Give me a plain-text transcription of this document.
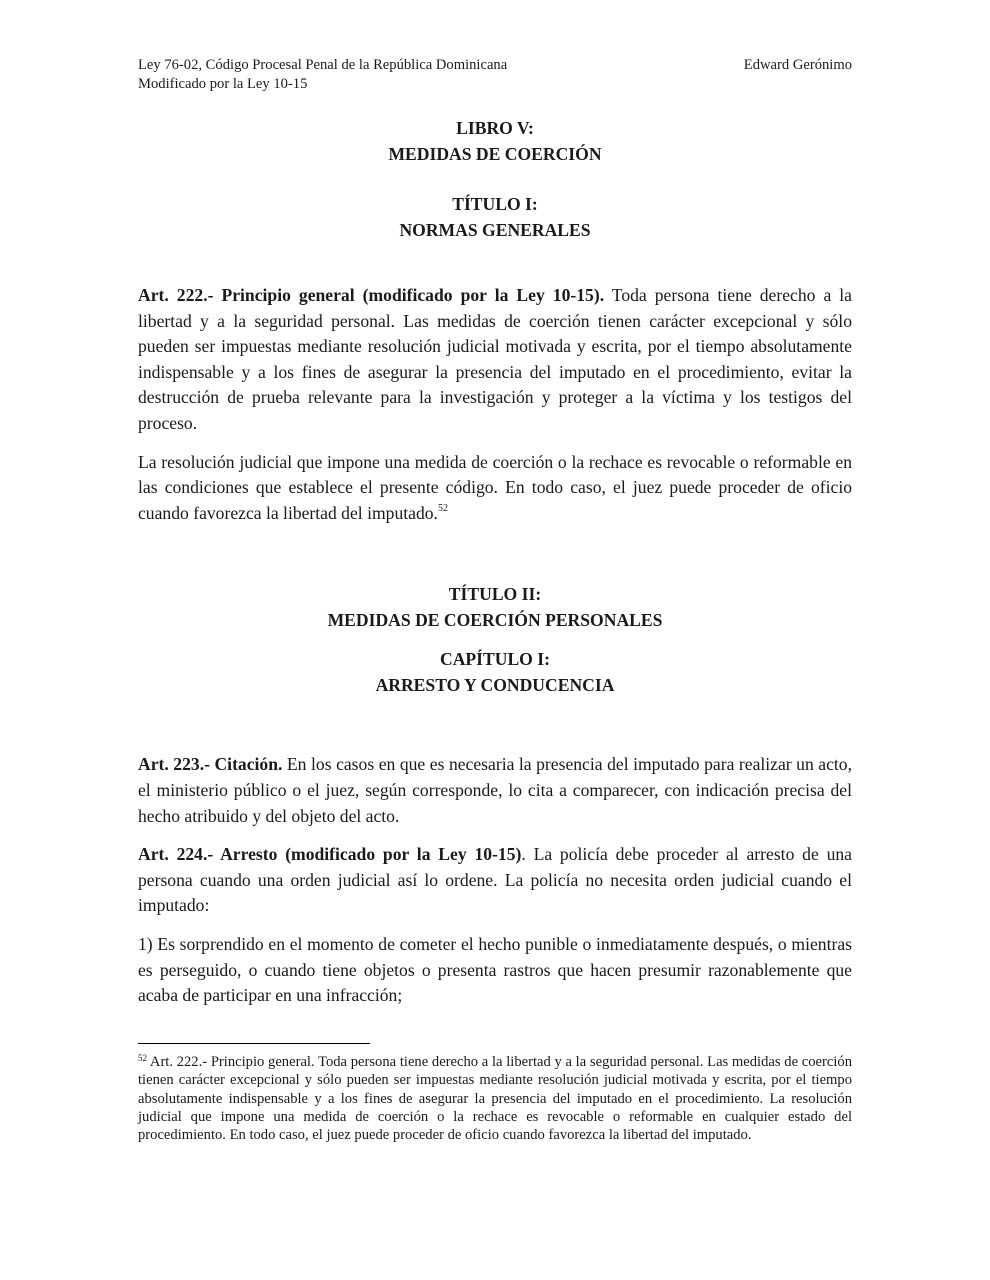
Ley 76-02, Código Procesal Penal de la República Dominicana
Modificado por la Ley 10-15
Edward Gerónimo
LIBRO V:
MEDIDAS DE COERCIÓN
TÍTULO I:
NORMAS GENERALES

Art. 222.- Principio general (modificado por la Ley 10-15). Toda persona tiene derecho a la libertad y a la seguridad personal. Las medidas de coerción tienen carácter excepcional y sólo pueden ser impuestas mediante resolución judicial motivada y escrita, por el tiempo absolutamente indispensable y a los fines de asegurar la presencia del imputado en el procedimiento, evitar la destrucción de prueba relevante para la investigación y proteger a la víctima y los testigos del proceso.

La resolución judicial que impone una medida de coerción o la rechace es revocable o reformable en las condiciones que establece el presente código. En todo caso, el juez puede proceder de oficio cuando favorezca la libertad del imputado.$^{52}$

TÍTULO II:
MEDIDAS DE COERCIÓN PERSONALES
CAPÍTULO I:
ARRESTO Y CONDUCENCIA

Art. 223.- Citación. En los casos en que es necesaria la presencia del imputado para realizar un acto, el ministerio público o el juez, según corresponde, lo cita a comparecer, con indicación precisa del hecho atribuido y del objeto del acto.

Art. 224.- Arresto (modificado por la Ley 10-15). La policía debe proceder al arresto de una persona cuando una orden judicial así lo ordene. La policía no necesita orden judicial cuando el imputado:

1) Es sorprendido en el momento de cometer el hecho punible o inmediatamente después, o mientras es perseguido, o cuando tiene objetos o presenta rastros que hacen presumir razonablemente que acaba de participar en una infracción;

$^{52}$ Art. 222.- Principio general. Toda persona tiene derecho a la libertad y a la seguridad personal. Las medidas de coerción tienen carácter excepcional y sólo pueden ser impuestas mediante resolución judicial motivada y escrita, por el tiempo absolutamente indispensable y a los fines de asegurar la presencia del imputado en el procedimiento. La resolución judicial que impone una medida de coerción o la rechace es revocable o reformable en cualquier estado del procedimiento. En todo caso, el juez puede proceder de oficio cuando favorezca la libertad del imputado.
